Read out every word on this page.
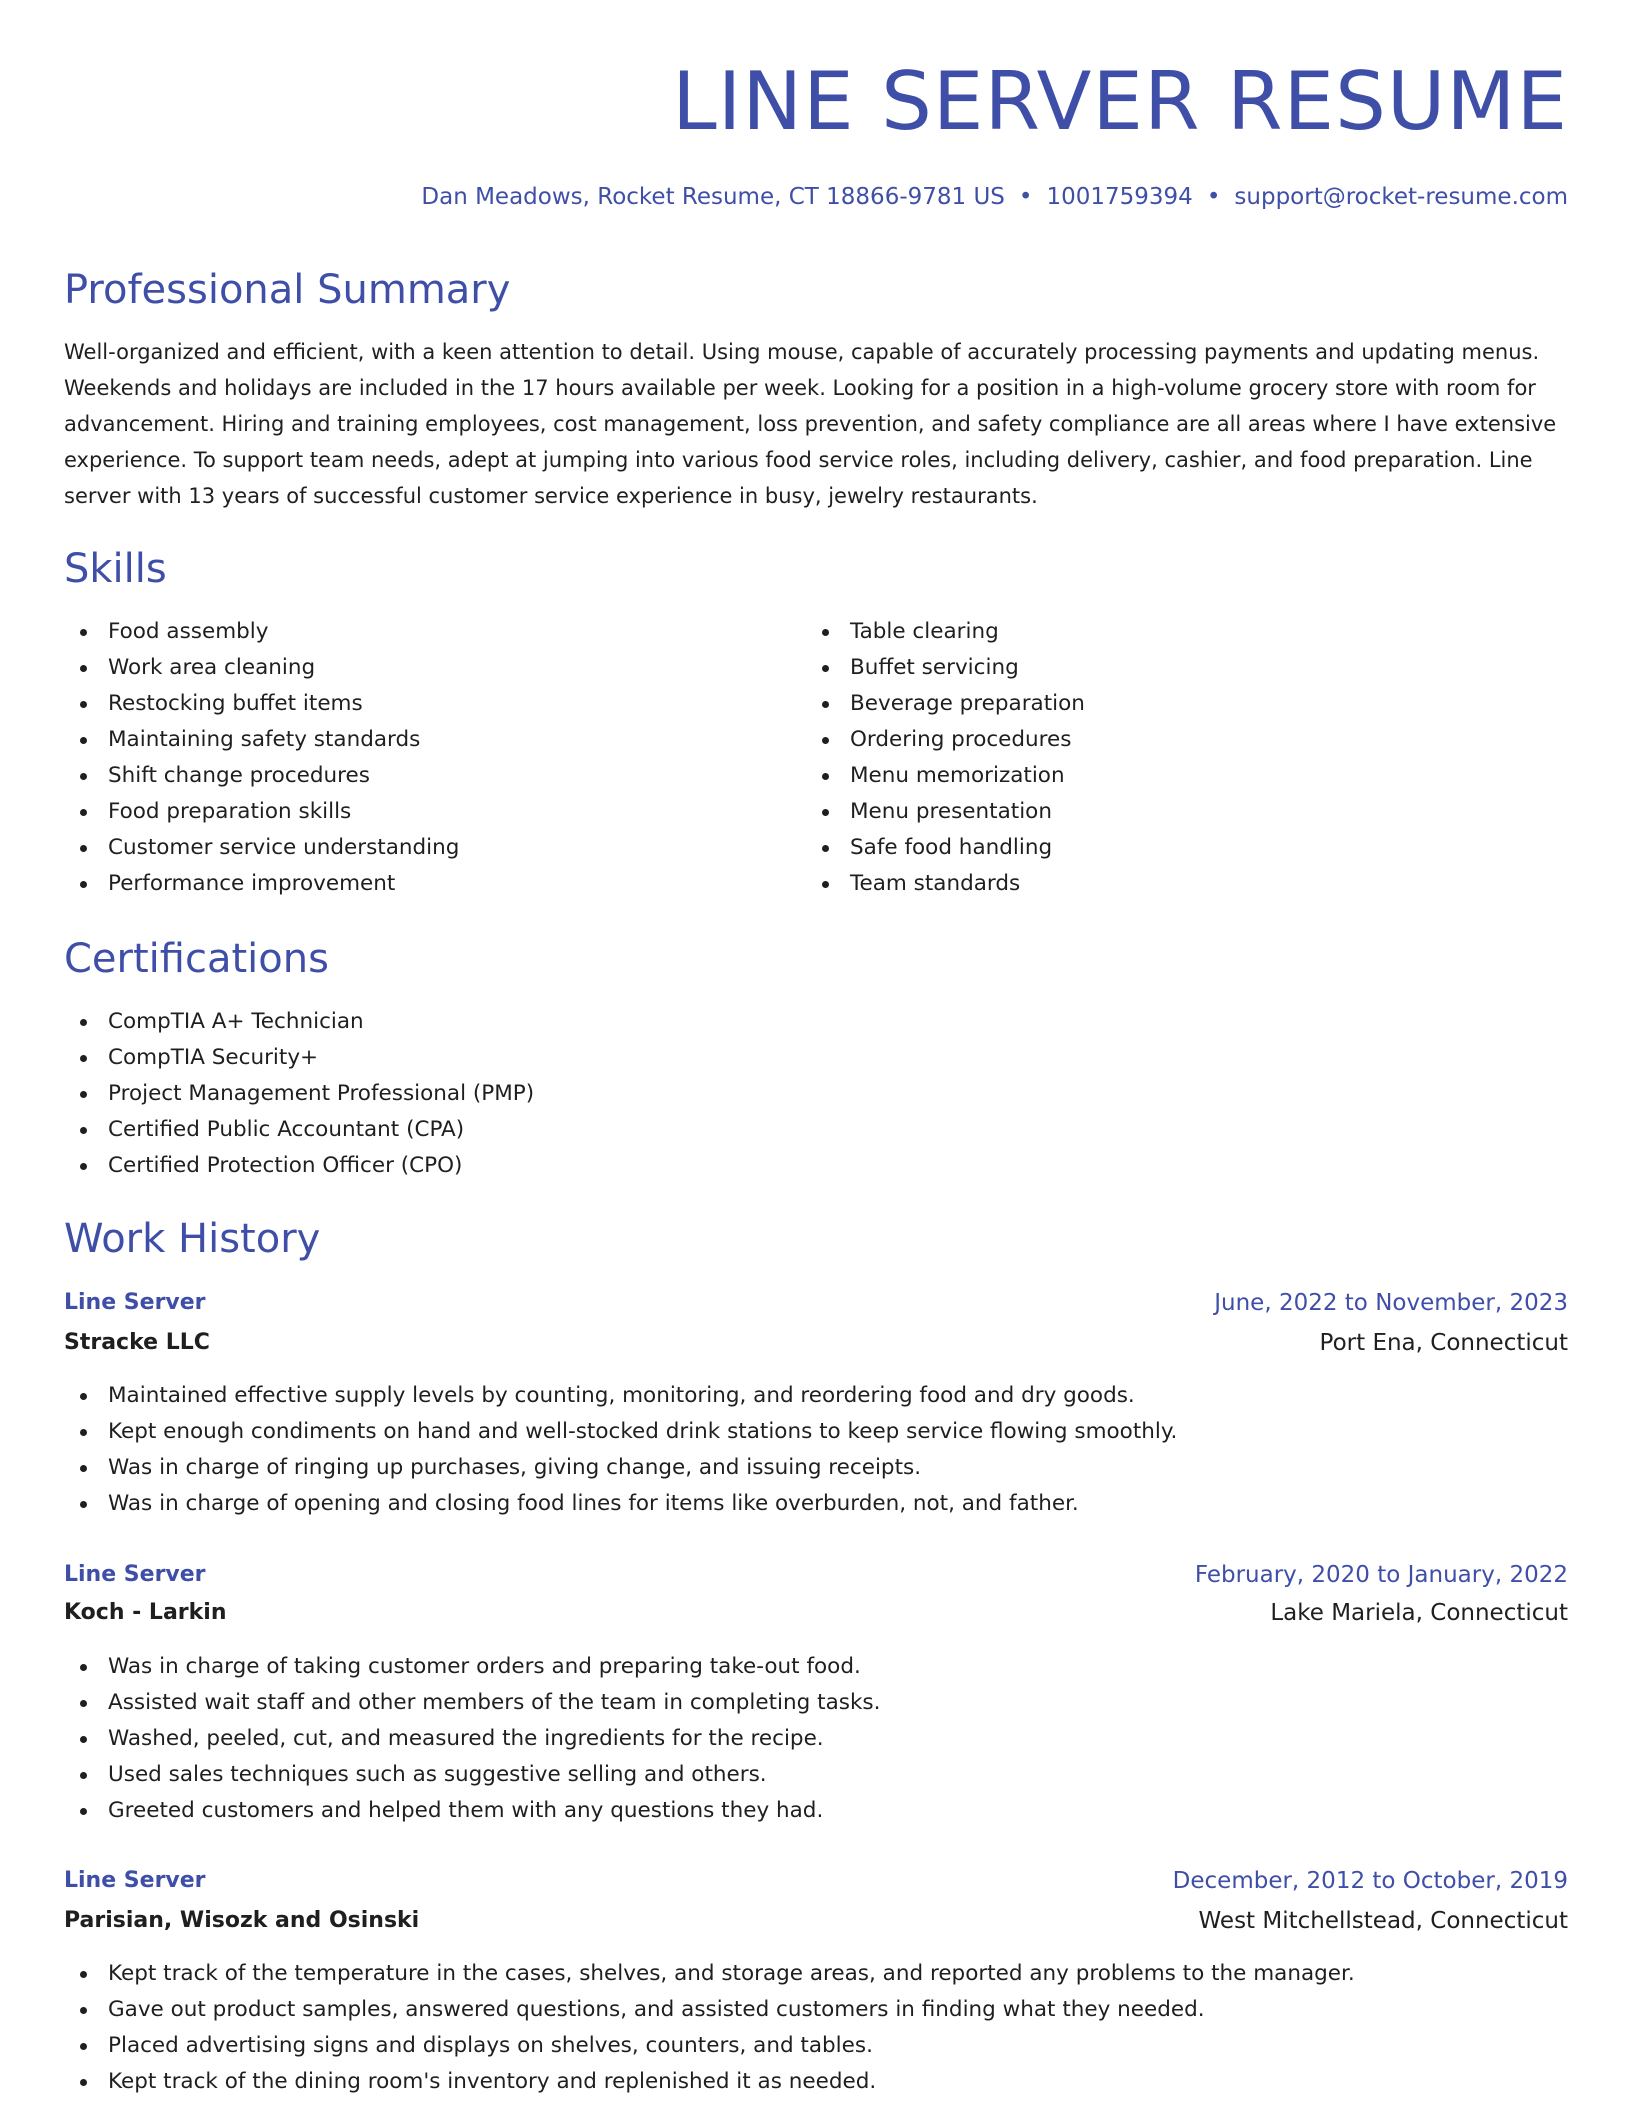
LINE SERVER RESUME
Dan Meadows, Rocket Resume, CT 18866-9781 US • 1001759394 • support@rocket-resume.com
Professional Summary

Well-organized and efficient, with a keen attention to detail. Using mouse, capable of accurately processing payments and updating menus. Weekends and holidays are included in the 17 hours available per week. Looking for a position in a high-volume grocery store with room for advancement. Hiring and training employees, cost management, loss prevention, and safety compliance are all areas where I have extensive experience. To support team needs, adept at jumping into various food service roles, including delivery, cashier, and food preparation. Line server with 13 years of successful customer service experience in busy, jewelry restaurants.

Skills
Food assembly
Work area cleaning
Restocking buffet items
Maintaining safety standards
Shift change procedures
Food preparation skills
Customer service understanding
Performance improvement
Table clearing
Buffet servicing
Beverage preparation
Ordering procedures
Menu memorization
Menu presentation
Safe food handling
Team standards
Certifications
CompTIA A+ Technician
CompTIA Security+
Project Management Professional (PMP)
Certified Public Accountant (CPA)
Certified Protection Officer (CPO)
Work History
Line Server	June, 2022 to November, 2023
Stracke LLC	Port Ena, Connecticut
Maintained effective supply levels by counting, monitoring, and reordering food and dry goods.
Kept enough condiments on hand and well-stocked drink stations to keep service flowing smoothly.
Was in charge of ringing up purchases, giving change, and issuing receipts.
Was in charge of opening and closing food lines for items like overburden, not, and father.
Line Server	February, 2020 to January, 2022
Koch - Larkin	Lake Mariela, Connecticut
Was in charge of taking customer orders and preparing take-out food.
Assisted wait staff and other members of the team in completing tasks.
Washed, peeled, cut, and measured the ingredients for the recipe.
Used sales techniques such as suggestive selling and others.
Greeted customers and helped them with any questions they had.
Line Server	December, 2012 to October, 2019
Parisian, Wisozk and Osinski	West Mitchellstead, Connecticut
Kept track of the temperature in the cases, shelves, and storage areas, and reported any problems to the manager.
Gave out product samples, answered questions, and assisted customers in finding what they needed.
Placed advertising signs and displays on shelves, counters, and tables.
Kept track of the dining room's inventory and replenished it as needed.
